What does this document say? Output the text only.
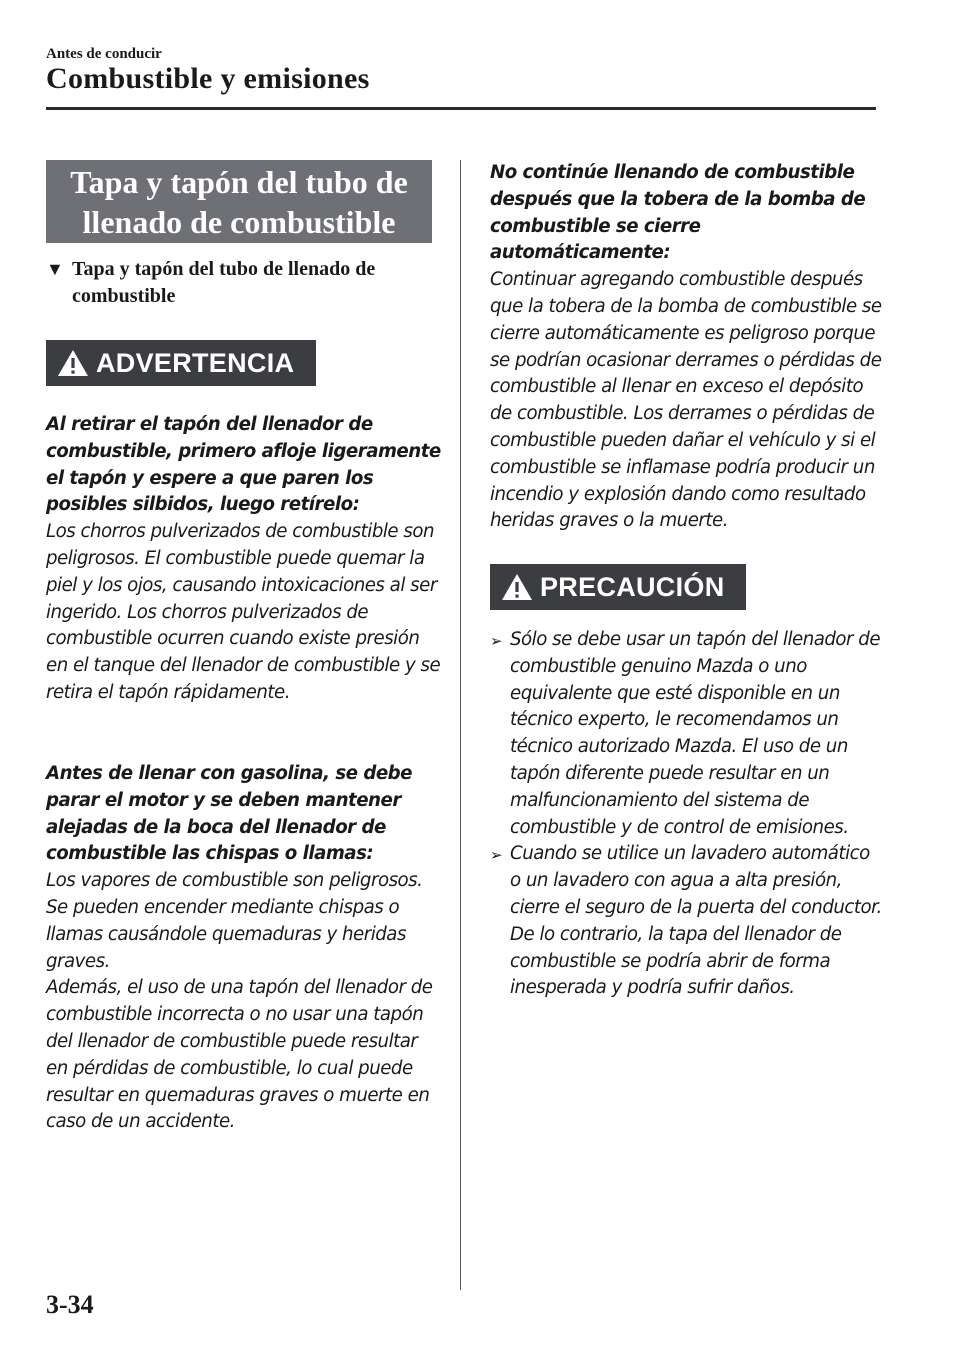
Antes de conducir
Combustible y emisiones
Tapa y tapón del tubo de llenado de combustible
▼ Tapa y tapón del tubo de llenado de combustible
ADVERTENCIA

Al retirar el tapón del llenador de combustible, primero afloje ligeramente el tapón y espere a que paren los posibles silbidos, luego retírelo:

Los chorros pulverizados de combustible son peligrosos. El combustible puede quemar la piel y los ojos, causando intoxicaciones al ser ingerido. Los chorros pulverizados de combustible ocurren cuando existe presión en el tanque del llenador de combustible y se retira el tapón rápidamente.

Antes de llenar con gasolina, se debe parar el motor y se deben mantener alejadas de la boca del llenador de combustible las chispas o llamas:

Los vapores de combustible son peligrosos. Se pueden encender mediante chispas o llamas causándole quemaduras y heridas graves.

Además, el uso de una tapón del llenador de combustible incorrecta o no usar una tapón del llenador de combustible puede resultar en pérdidas de combustible, lo cual puede resultar en quemaduras graves o muerte en caso de un accidente.

No continúe llenando de combustible después que la tobera de la bomba de combustible se cierre automáticamente:

Continuar agregando combustible después que la tobera de la bomba de combustible se cierre automáticamente es peligroso porque se podrían ocasionar derrames o pérdidas de combustible al llenar en exceso el depósito de combustible. Los derrames o pérdidas de combustible pueden dañar el vehículo y si el combustible se inflamase podría producir un incendio y explosión dando como resultado heridas graves o la muerte.

PRECAUCIÓN
➢ Sólo se debe usar un tapón del llenador de combustible genuino Mazda o uno equivalente que esté disponible en un técnico experto, le recomendamos un técnico autorizado Mazda. El uso de un tapón diferente puede resultar en un malfuncionamiento del sistema de combustible y de control de emisiones.
➢ Cuando se utilice un lavadero automático o un lavadero con agua a alta presión, cierre el seguro de la puerta del conductor. De lo contrario, la tapa del llenador de combustible se podría abrir de forma inesperada y podría sufrir daños.
3-34
